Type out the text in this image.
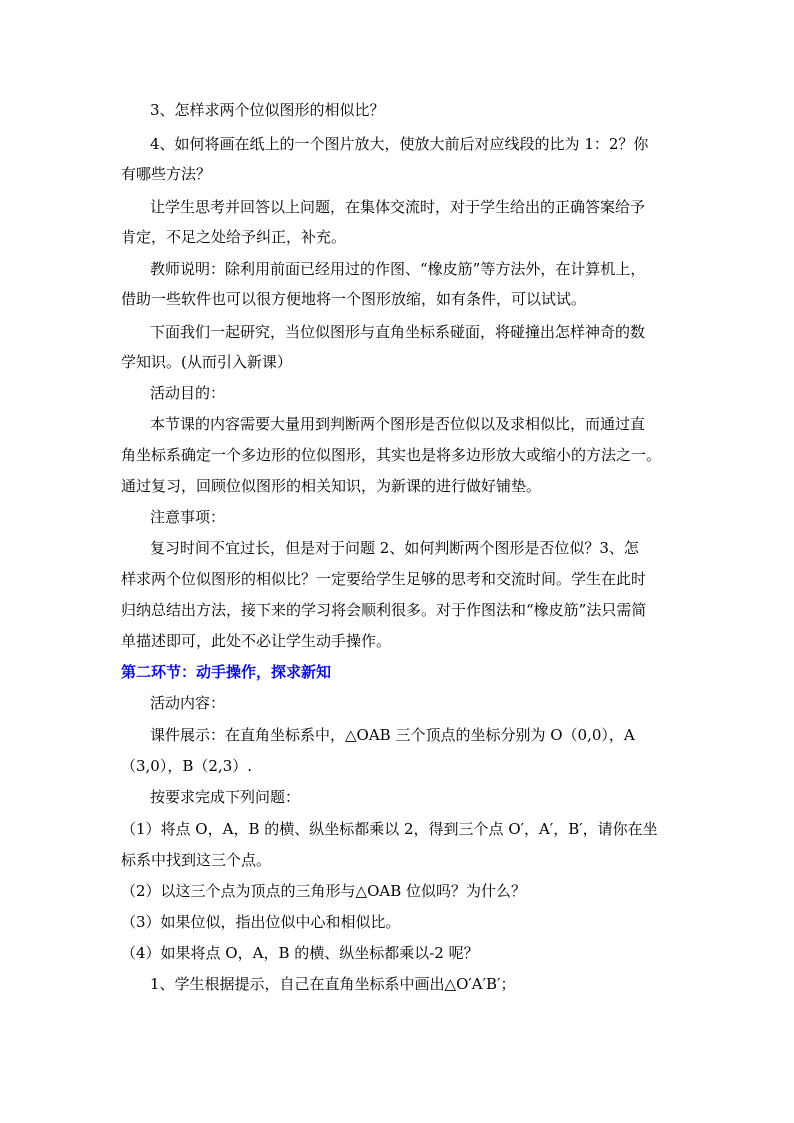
3、怎样求两个位似图形的相似比？
4、如何将画在纸上的一个图片放大，使放大前后对应线段的比为 1：2？你
有哪些方法？
让学生思考并回答以上问题，在集体交流时，对于学生给出的正确答案给予
肯定，不足之处给予纠正，补充。
教师说明：除利用前面已经用过的作图、“橡皮筋”等方法外，在计算机上，
借助一些软件也可以很方便地将一个图形放缩，如有条件，可以试试。
下面我们一起研究，当位似图形与直角坐标系碰面，将碰撞出怎样神奇的数
学知识。(从而引入新课）
活动目的：
本节课的内容需要大量用到判断两个图形是否位似以及求相似比，而通过直
角坐标系确定一个多边形的位似图形，其实也是将多边形放大或缩小的方法之一。
通过复习，回顾位似图形的相关知识，为新课的进行做好铺垫。
注意事项：
复习时间不宜过长，但是对于问题 2、如何判断两个图形是否位似？3、怎
样求两个位似图形的相似比？一定要给学生足够的思考和交流时间。学生在此时
归纳总结出方法，接下来的学习将会顺利很多。对于作图法和“橡皮筋”法只需简
单描述即可，此处不必让学生动手操作。
第二环节：动手操作，探求新知
活动内容：
课件展示：在直角坐标系中，△OAB 三个顶点的坐标分别为 O（0,0），A
（3,0），B（2,3）.
按要求完成下列问题：
（1）将点 O，A，B 的横、纵坐标都乘以 2，得到三个点 O′，A′，B′，请你在坐
标系中找到这三个点。
（2）以这三个点为顶点的三角形与△OAB 位似吗？为什么？
（3）如果位似，指出位似中心和相似比。
（4）如果将点 O，A，B 的横、纵坐标都乘以-2 呢？
1、学生根据提示，自己在直角坐标系中画出△O′A′B′；
